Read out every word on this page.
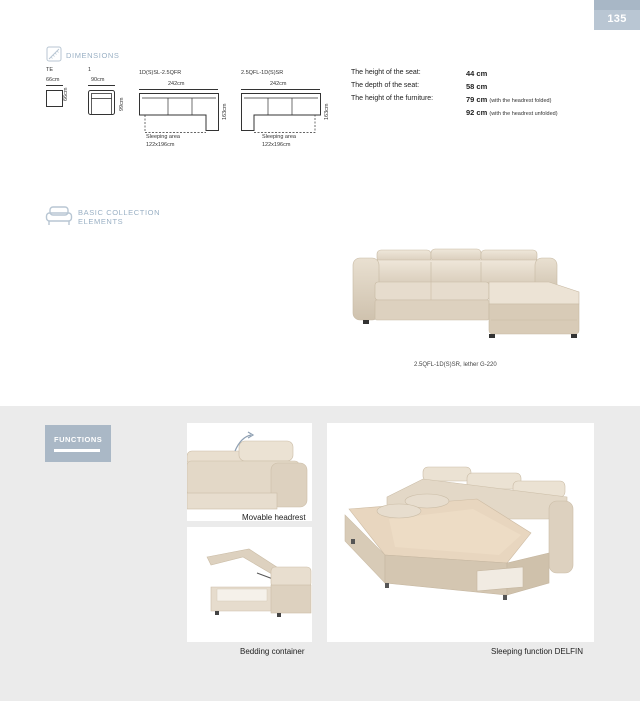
135
DIMENSIONS
TE
66cm
66cm
1
90cm
99cm
1D(S)SL-2.5QFR
242cm
163cm
Sleeping area
122x196cm
2.5QFL-1D(S)SR
242cm
163cm
Sleeping area
122x196cm
The height of the seat:	44 cm
The depth of the seat:	58 cm
The height of the furniture:	79 cm (with the headrest folded)
92 cm (with the headrest unfolded)
BASIC COLLECTION
ELEMENTS
2.5QFL-1D(S)SR, lether G-220
FUNCTIONS
Movable headrest
Bedding container	Sleeping function DELFIN
